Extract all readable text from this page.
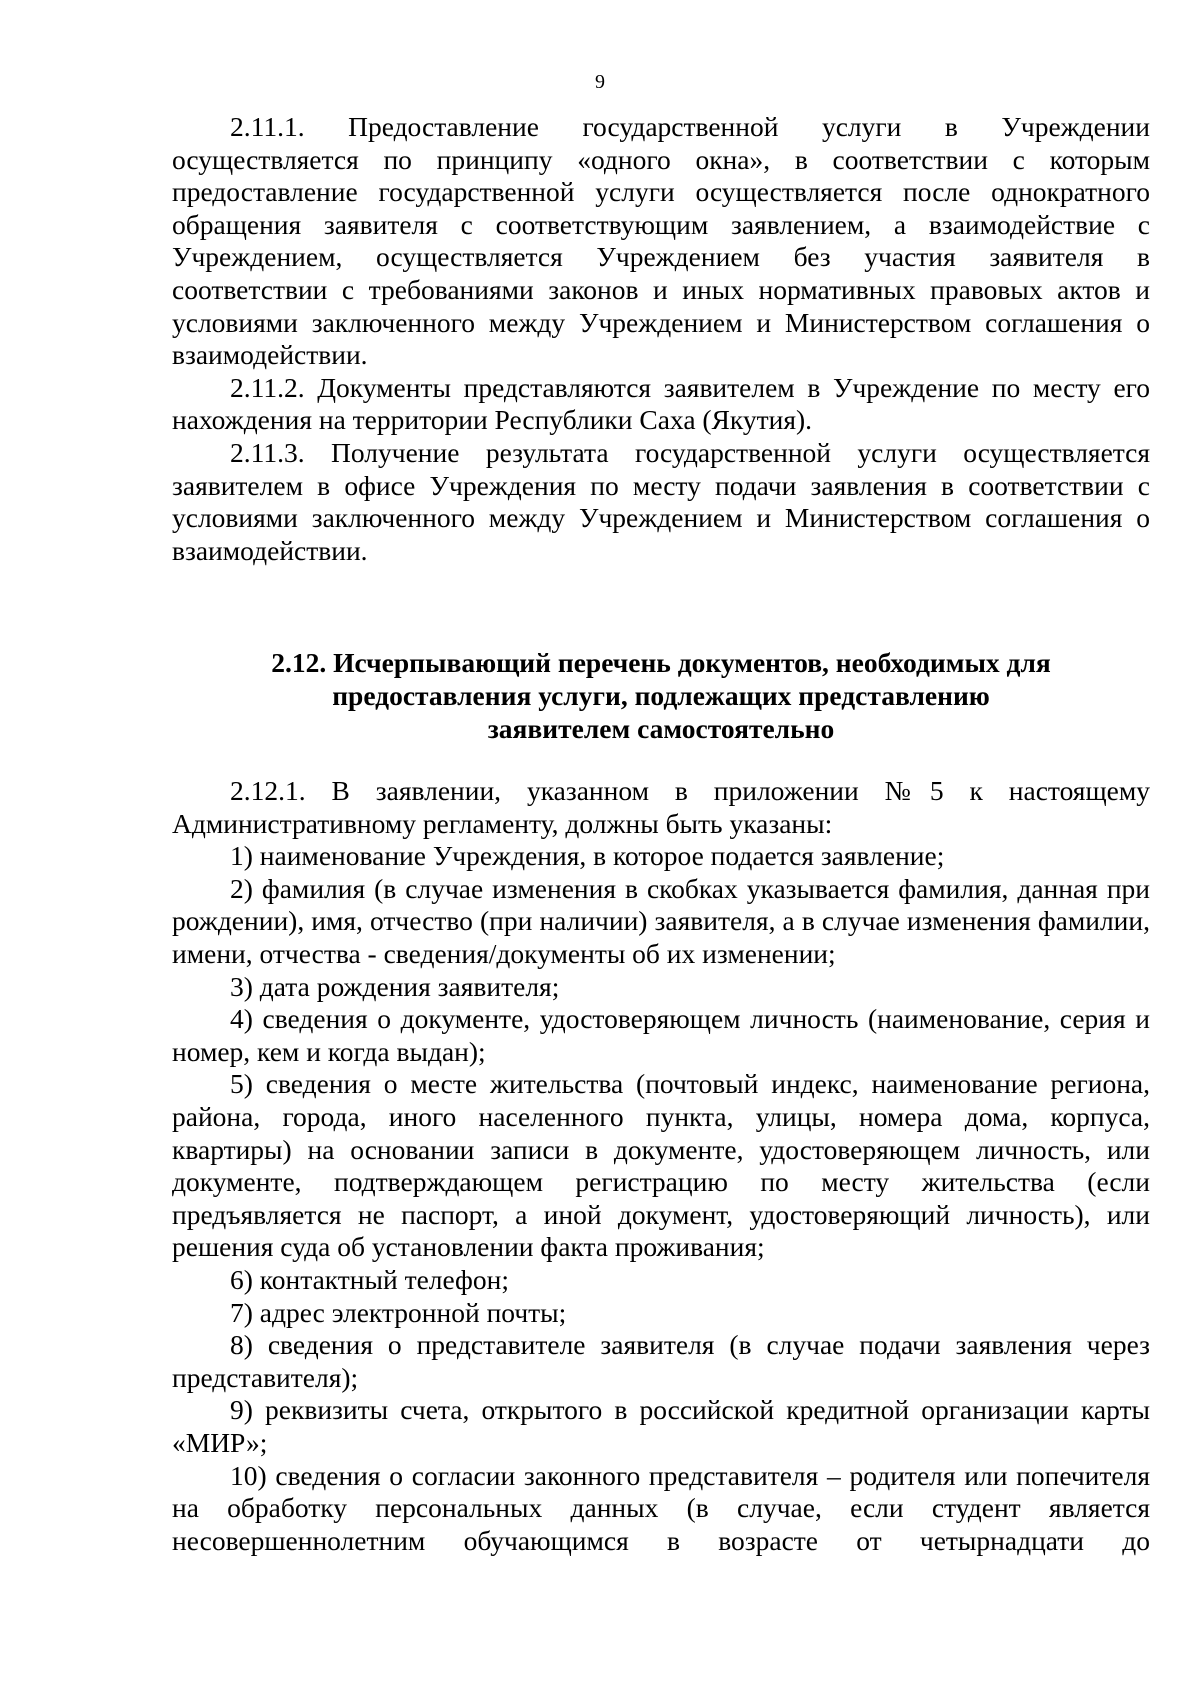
9

2.11.1. Предоставление государственной услуги в Учреждении осуществляется по принципу «одного окна», в соответствии с которым предоставление государственной услуги осуществляется после однократного обращения заявителя с соответствующим заявлением, а взаимодействие с Учреждением, осуществляется Учреждением без участия заявителя в соответствии с требованиями законов и иных нормативных правовых актов и условиями заключенного между Учреждением и Министерством соглашения о взаимодействии.

2.11.2. Документы представляются заявителем в Учреждение по месту его нахождения на территории Республики Саха (Якутия).

2.11.3. Получение результата государственной услуги осуществляется заявителем в офисе Учреждения по месту подачи заявления в соответствии с условиями заключенного между Учреждением и Министерством соглашения о взаимодействии.

2.12. Исчерпывающий перечень документов, необходимых для
предоставления услуги, подлежащих представлению
заявителем самостоятельно

2.12.1. В заявлении, указанном в приложении №5 к настоящему Административному регламенту, должны быть указаны:

1) наименование Учреждения, в которое подается заявление;

2) фамилия (в случае изменения в скобках указывается фамилия, данная при рождении), имя, отчество (при наличии) заявителя, а в случае изменения фамилии, имени, отчества - сведения/документы об их изменении;

3) дата рождения заявителя;

4) сведения о документе, удостоверяющем личность (наименование, серия и номер, кем и когда выдан);

5) сведения о месте жительства (почтовый индекс, наименование региона, района, города, иного населенного пункта, улицы, номера дома, корпуса, квартиры) на основании записи в документе, удостоверяющем личность, или документе, подтверждающем регистрацию по месту жительства (если предъявляется не паспорт, а иной документ, удостоверяющий личность), или решения суда об установлении факта проживания;

6) контактный телефон;

7) адрес электронной почты;

8) сведения о представителе заявителя (в случае подачи заявления через представителя);

9) реквизиты счета, открытого в российской кредитной организации карты «МИР»;

10) сведения о согласии законного представителя – родителя или попечителя на обработку персональных данных (в случае, если студент является несовершеннолетним обучающимся в возрасте от четырнадцати до
